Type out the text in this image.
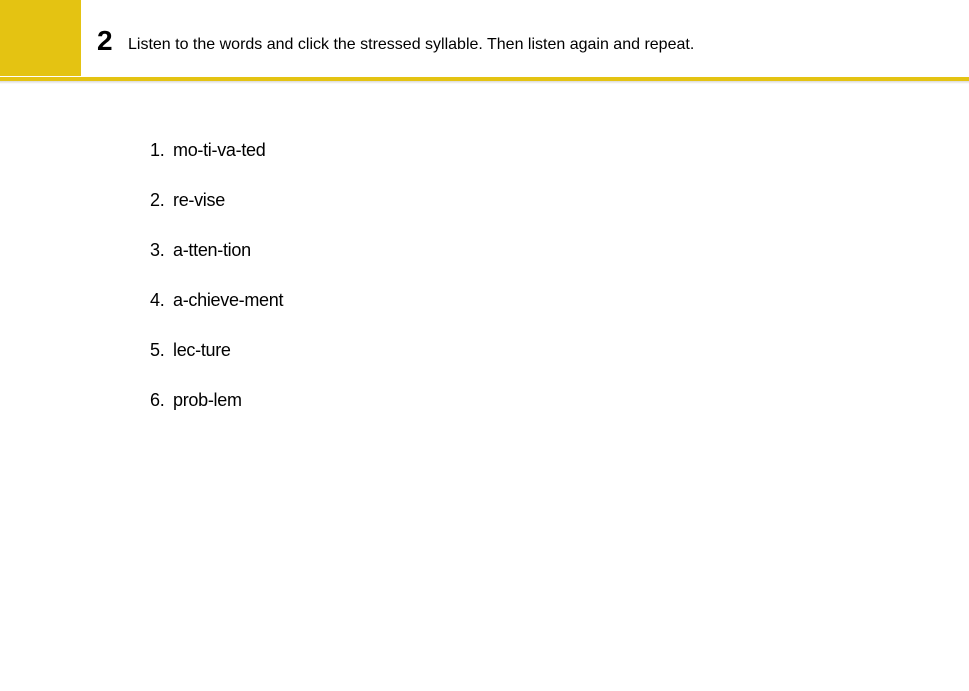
2 Listen to the words and click the stressed syllable. Then listen again and repeat.
1. mo - ti - va - ted
2. re - vise
3. a - tten - tion
4. a - chieve - ment
5. lec - ture
6. prob - lem
